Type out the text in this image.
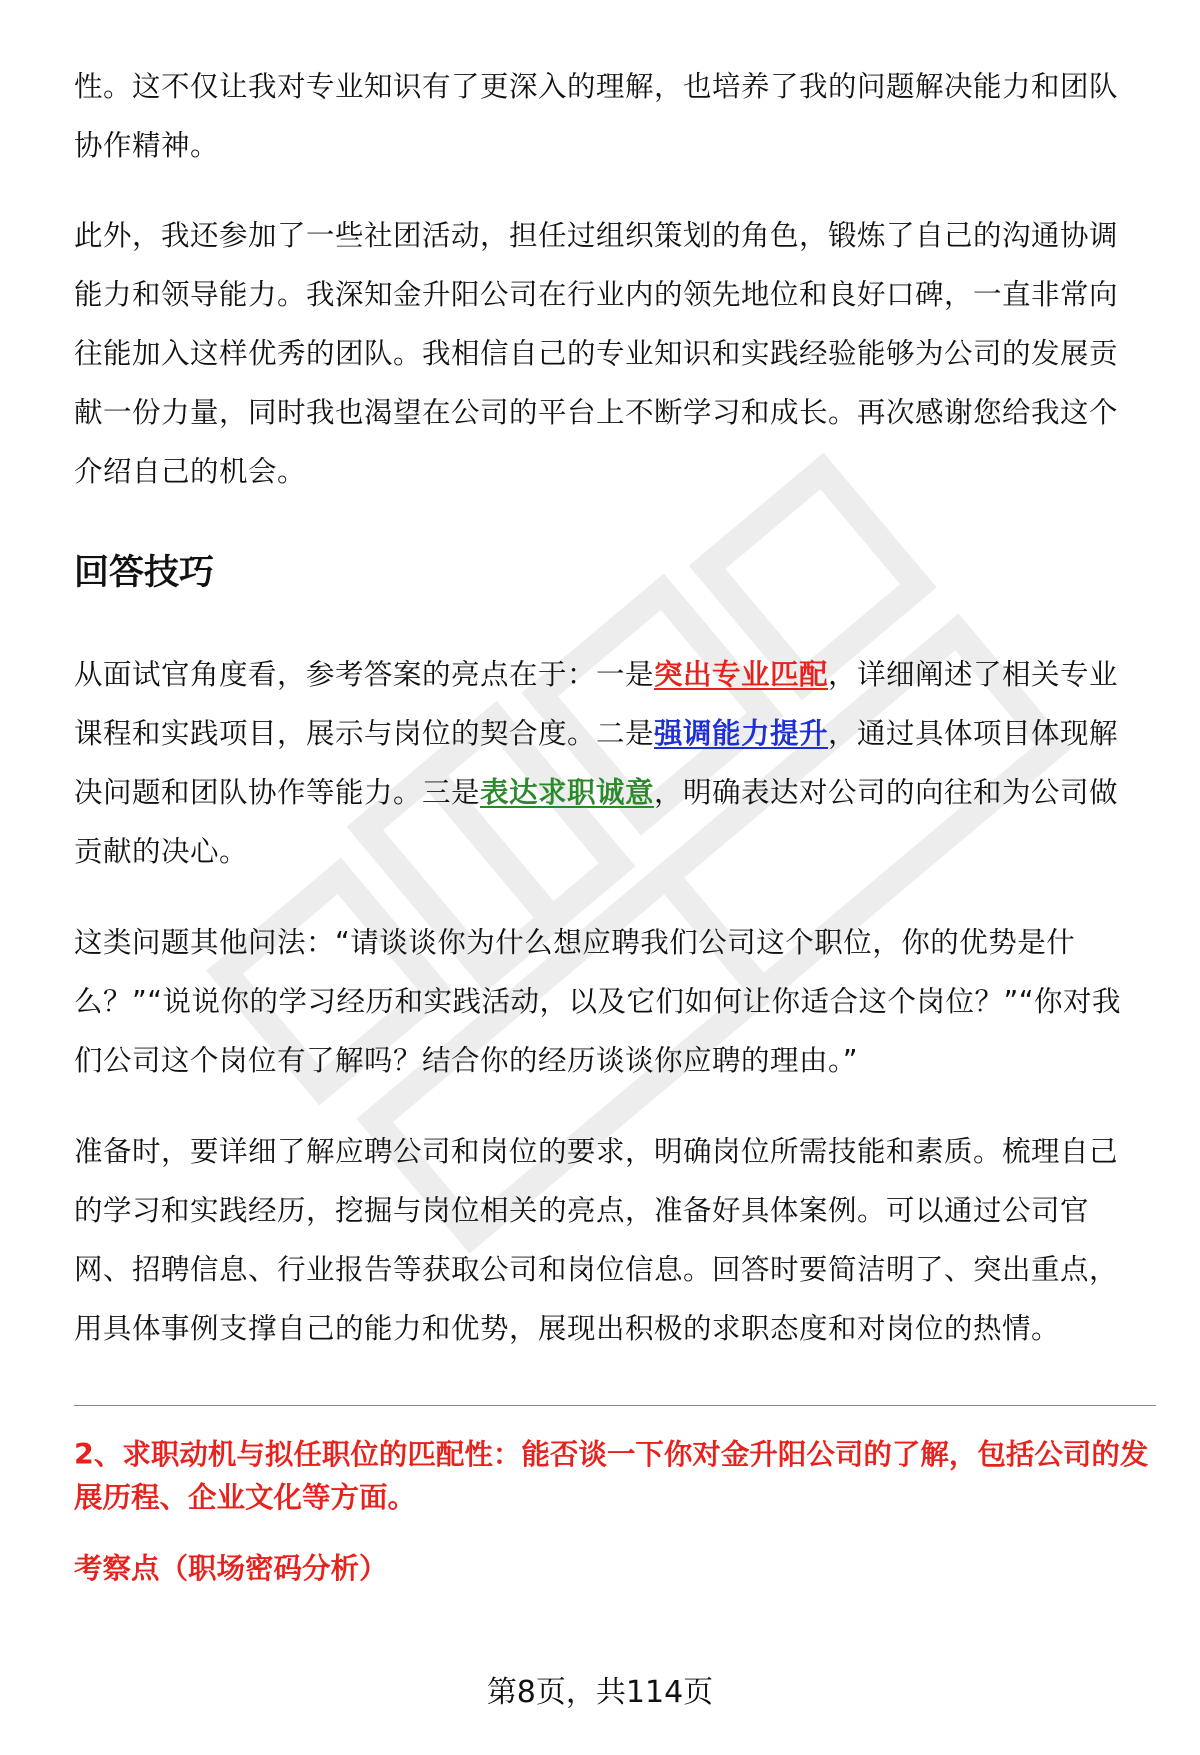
性。这不仅让我对专业知识有了更深入的理解，也培养了我的问题解决能力和团队协作精神。

此外，我还参加了一些社团活动，担任过组织策划的角色，锻炼了自己的沟通协调能力和领导能力。我深知金升阳公司在行业内的领先地位和良好口碑，一直非常向往能加入这样优秀的团队。我相信自己的专业知识和实践经验能够为公司的发展贡献一份力量，同时我也渴望在公司的平台上不断学习和成长。再次感谢您给我这个介绍自己的机会。

回答技巧

从面试官角度看，参考答案的亮点在于：一是突出专业匹配，详细阐述了相关专业课程和实践项目，展示与岗位的契合度。二是强调能力提升，通过具体项目体现解决问题和团队协作等能力。三是表达求职诚意，明确表达对公司的向往和为公司做贡献的决心。

这类问题其他问法：“请谈谈你为什么想应聘我们公司这个职位，你的优势是什么？”“说说你的学习经历和实践活动，以及它们如何让你适合这个岗位？”“你对我们公司这个岗位有了解吗？结合你的经历谈谈你应聘的理由。”

准备时，要详细了解应聘公司和岗位的要求，明确岗位所需技能和素质。梳理自己的学习和实践经历，挖掘与岗位相关的亮点，准备好具体案例。可以通过公司官网、招聘信息、行业报告等获取公司和岗位信息。回答时要简洁明了、突出重点，用具体事例支撑自己的能力和优势，展现出积极的求职态度和对岗位的热情。

2、求职动机与拟任职位的匹配性：能否谈一下你对金升阳公司的了解，包括公司的发展历程、企业文化等方面。

考察点（职场密码分析）

第8页，共114页
